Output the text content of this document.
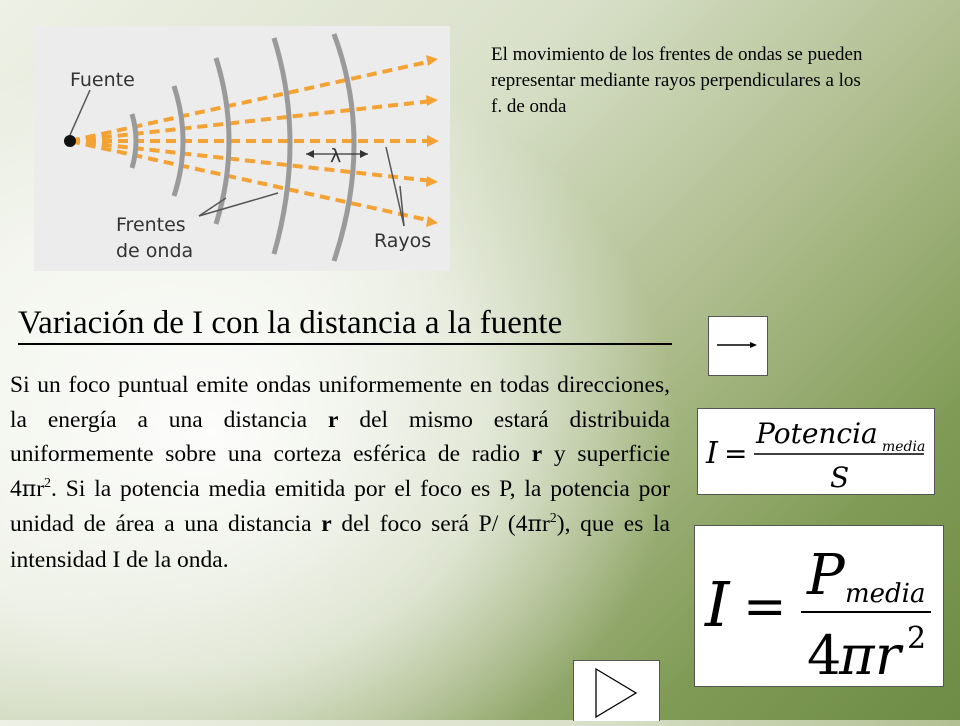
Fuente
λ
Frentes
de onda	Rayos
El movimiento de los frentes de ondas se pueden representar mediante rayos perpendiculares a los f. de onda
Variación de I con la distancia a la fuente
Si un foco puntual emite ondas uniformemente en todas direcciones, la energía a una distancia r del mismo estará distribuida uniformemente sobre una corteza esférica de radio r y superficie $4\pi r^2$. Si la potencia media emitida por el foco es P, la potencia por unidad de área a una distancia r del foco será P/ $(4\pi r^2)$, que es la intensidad I de la onda.
I =
Potencia media
S
I = P media
4
π r 2
